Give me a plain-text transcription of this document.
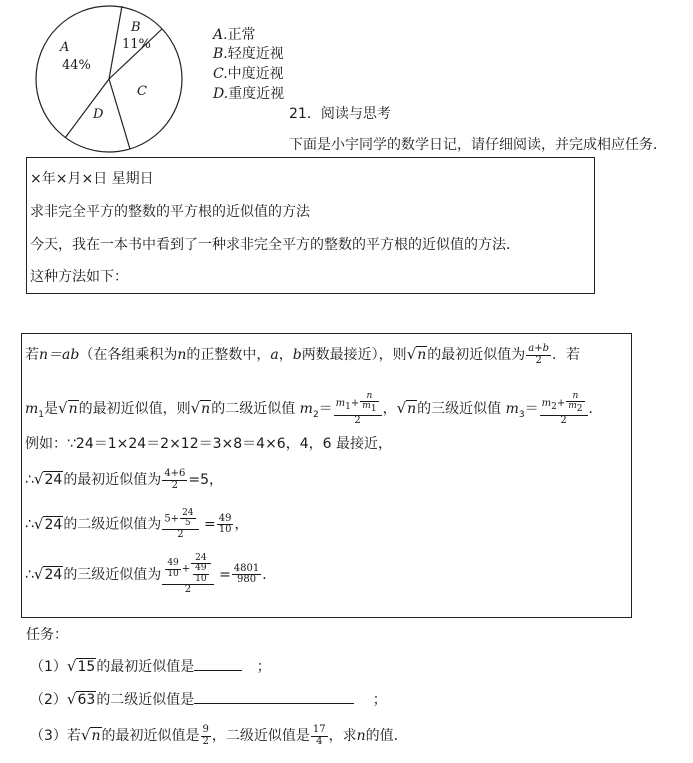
A
44%
B
11%
C
D
A.正常
B.轻度近视
C.中度近视
D.重度近视
21．阅读与思考
下面是小宇同学的数学日记，请仔细阅读，并完成相应任务．
×年×月×日 星期日
求非完全平方的整数的平方根的近似值的方法
今天，我在一本书中看到了一种求非完全平方的整数的平方根的近似值的方法．
这种方法如下：
若n＝ab（在各组乘积为n的正整数中，a，b两数最接近），则√n的最初近似值为 $\frac{a+b}{2}$ ．若
$m_1$是√n的最初近似值，则√n的二级近似值 $m_2= \frac{m_1+ \frac{n}{m_1}}{2}$ ，√n的三级近似值 $m_3= \frac{m_2+ \frac{n}{m_2}}{2}$ ．
例如：∵24＝1×24＝2×12＝3×8＝4×6，4，6 最接近，
∴√24的最初近似值为 $\frac{4+6}{2} =5$，
∴√24的二级近似值为 $\frac{5+ \frac{24}{5}}{2} = \frac{49}{10}$ ，
∴√24的三级近似值为 $\frac{\frac{49}{10} + \frac{24}{\frac{49}{10}}}{2} = \frac{4801}{980}$ ．
任务：
（1）√15的最初近似值是	；
（2）√63的二级近似值是	；
（3）若√n的最初近似值是 $\frac{9}{2}$ ，二级近似值是 $\frac{17}{4}$ ，求n的值．
